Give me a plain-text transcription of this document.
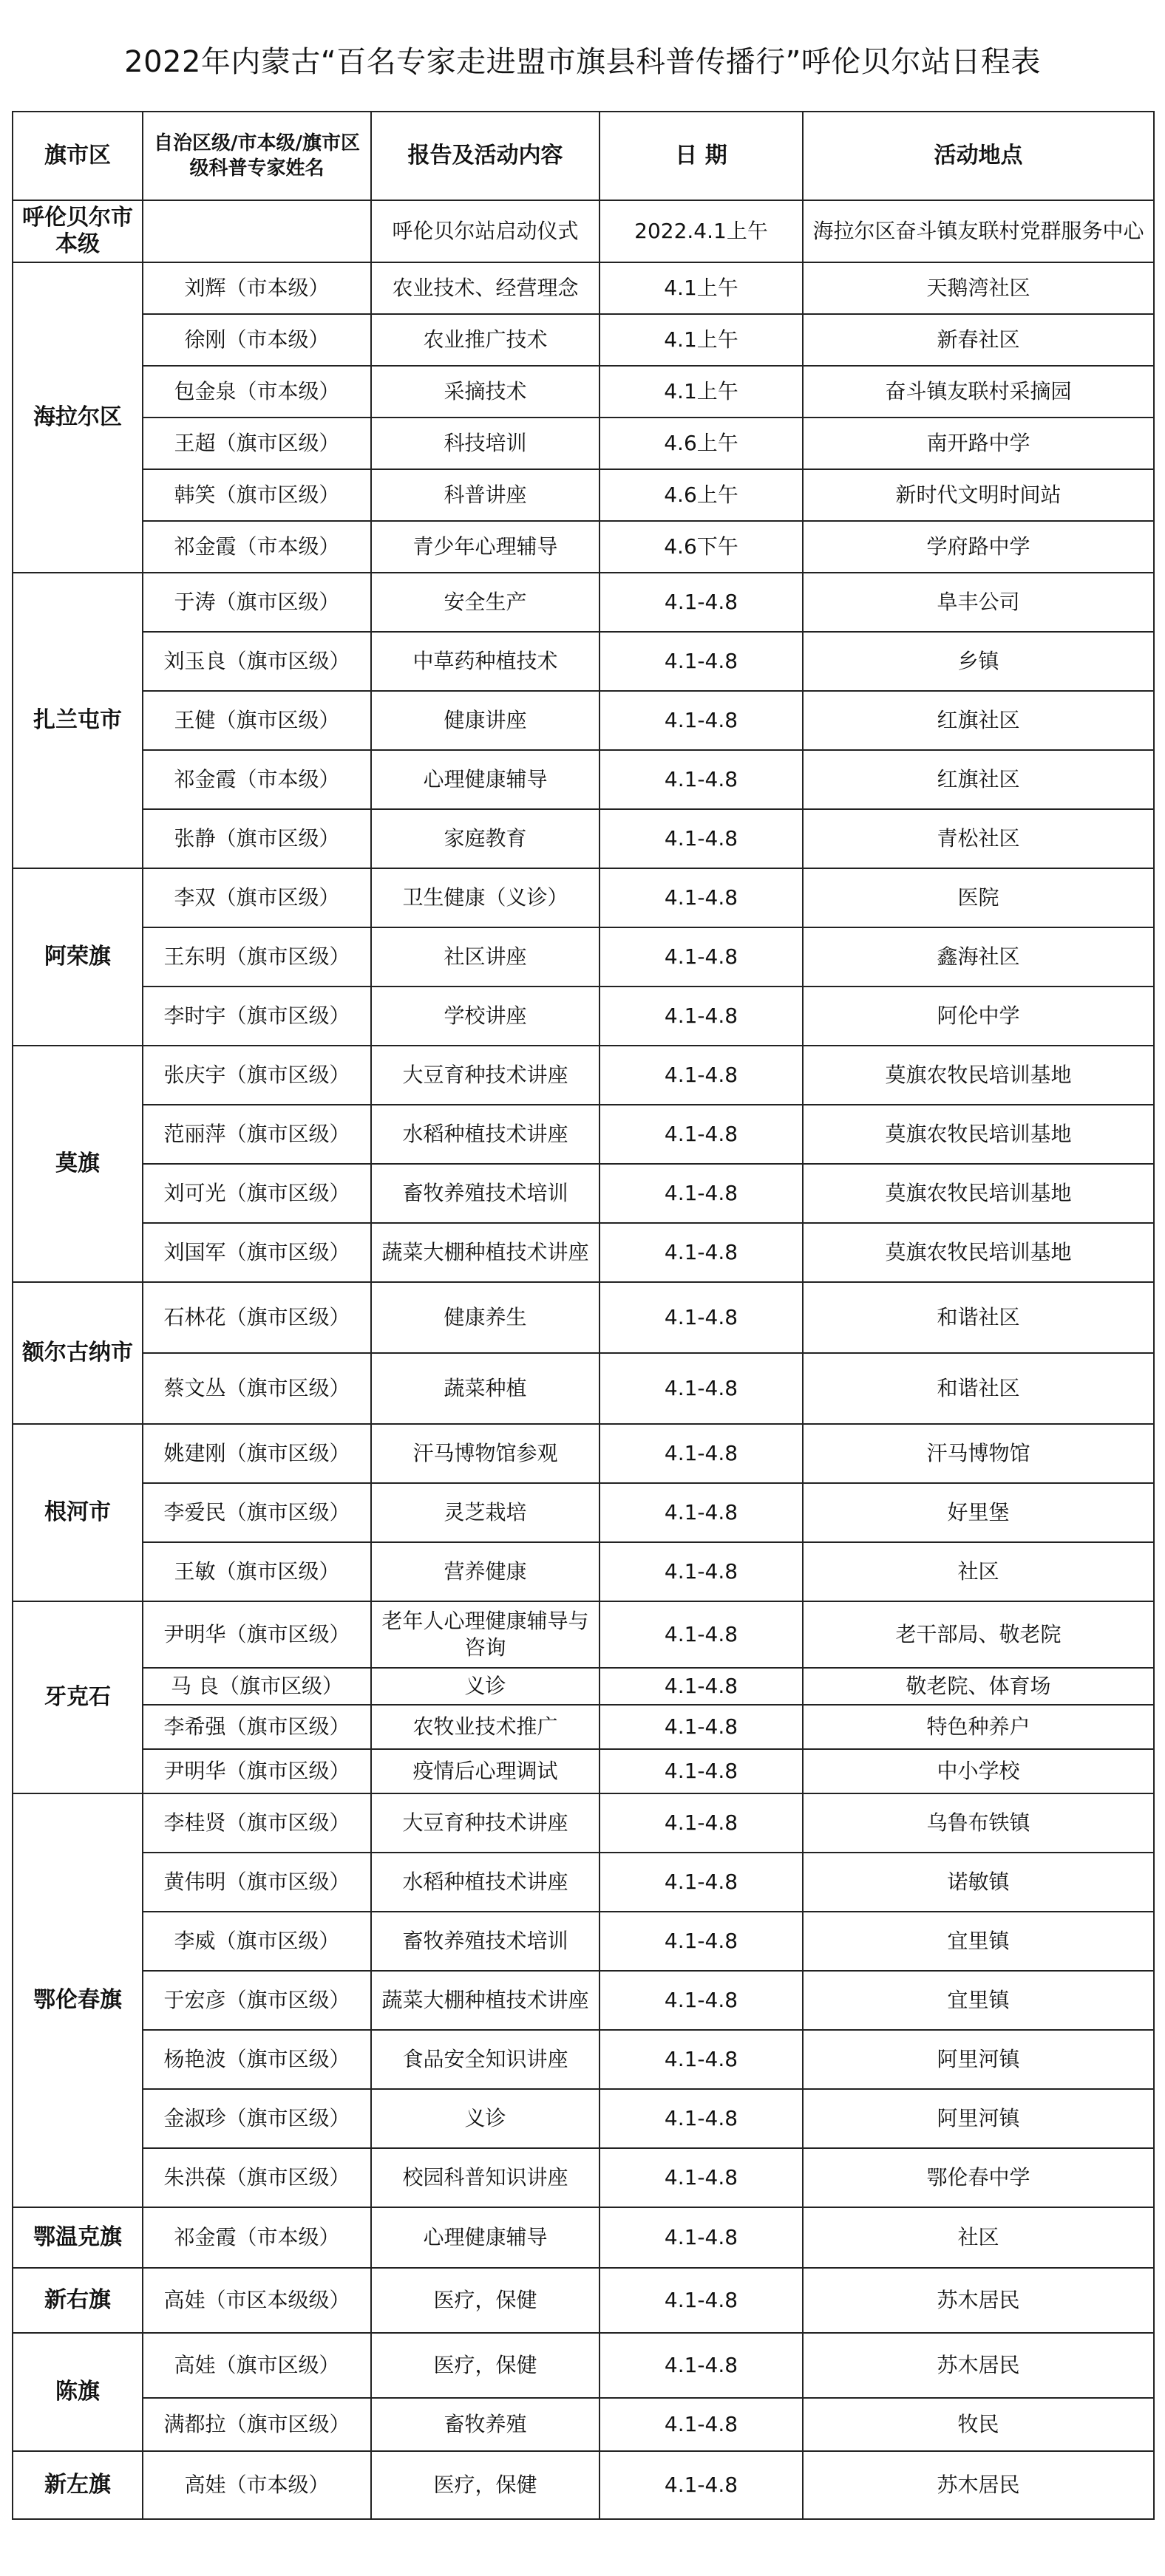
2022年内蒙古“百名专家走进盟市旗县科普传播行”呼伦贝尔站日程表
旗市区	自治区级/市本级/旗市区级科普专家姓名	报告及活动内容	日 期	活动地点
呼伦贝尔市本级		呼伦贝尔站启动仪式	2022.4.1上午	海拉尔区奋斗镇友联村党群服务中心
海拉尔区	刘辉（市本级）	农业技术、经营理念	4.1上午	天鹅湾社区
	徐刚（市本级）	农业推广技术	4.1上午	新春社区
	包金泉（市本级）	采摘技术	4.1上午	奋斗镇友联村采摘园
	王超（旗市区级）	科技培训	4.6上午	南开路中学
	韩笑（旗市区级）	科普讲座	4.6上午	新时代文明时间站
	祁金霞（市本级）	青少年心理辅导	4.6下午	学府路中学
扎兰屯市	于涛（旗市区级）	安全生产	4.1-4.8	阜丰公司
	刘玉良（旗市区级）	中草药种植技术	4.1-4.8	乡镇
	王健（旗市区级）	健康讲座	4.1-4.8	红旗社区
	祁金霞（市本级）	心理健康辅导	4.1-4.8	红旗社区
	张静（旗市区级）	家庭教育	4.1-4.8	青松社区
阿荣旗	李双（旗市区级）	卫生健康（义诊）	4.1-4.8	医院
	王东明（旗市区级）	社区讲座	4.1-4.8	鑫海社区
	李时宇（旗市区级）	学校讲座	4.1-4.8	阿伦中学
莫旗	张庆宇（旗市区级）	大豆育种技术讲座	4.1-4.8	莫旗农牧民培训基地
	范丽萍（旗市区级）	水稻种植技术讲座	4.1-4.8	莫旗农牧民培训基地
	刘可光（旗市区级）	畜牧养殖技术培训	4.1-4.8	莫旗农牧民培训基地
	刘国军（旗市区级）	蔬菜大棚种植技术讲座	4.1-4.8	莫旗农牧民培训基地
额尔古纳市	石林花（旗市区级）	健康养生	4.1-4.8	和谐社区
	蔡文丛（旗市区级）	蔬菜种植	4.1-4.8	和谐社区
根河市	姚建刚（旗市区级）	汗马博物馆参观	4.1-4.8	汗马博物馆
	李爱民（旗市区级）	灵芝栽培	4.1-4.8	好里堡
	王敏（旗市区级）	营养健康	4.1-4.8	社区
牙克石	尹明华（旗市区级）	老年人心理健康辅导与咨询	4.1-4.8	老干部局、敬老院
	马 良（旗市区级）	义诊	4.1-4.8	敬老院、体育场
	李希强（旗市区级）	农牧业技术推广	4.1-4.8	特色种养户
	尹明华（旗市区级）	疫情后心理调试	4.1-4.8	中小学校
鄂伦春旗	李桂贤（旗市区级）	大豆育种技术讲座	4.1-4.8	乌鲁布铁镇
	黄伟明（旗市区级）	水稻种植技术讲座	4.1-4.8	诺敏镇
	李威（旗市区级）	畜牧养殖技术培训	4.1-4.8	宜里镇
	于宏彦（旗市区级）	蔬菜大棚种植技术讲座	4.1-4.8	宜里镇
	杨艳波（旗市区级）	食品安全知识讲座	4.1-4.8	阿里河镇
	金淑珍（旗市区级）	义诊	4.1-4.8	阿里河镇
	朱洪葆（旗市区级）	校园科普知识讲座	4.1-4.8	鄂伦春中学
鄂温克旗	祁金霞（市本级）	心理健康辅导	4.1-4.8	社区
新右旗	高娃（市区本级级）	医疗，保健	4.1-4.8	苏木居民
陈旗	高娃（旗市区级）	医疗，保健	4.1-4.8	苏木居民
	满都拉（旗市区级）	畜牧养殖	4.1-4.8	牧民
新左旗	高娃（市本级）	医疗，保健	4.1-4.8	苏木居民
